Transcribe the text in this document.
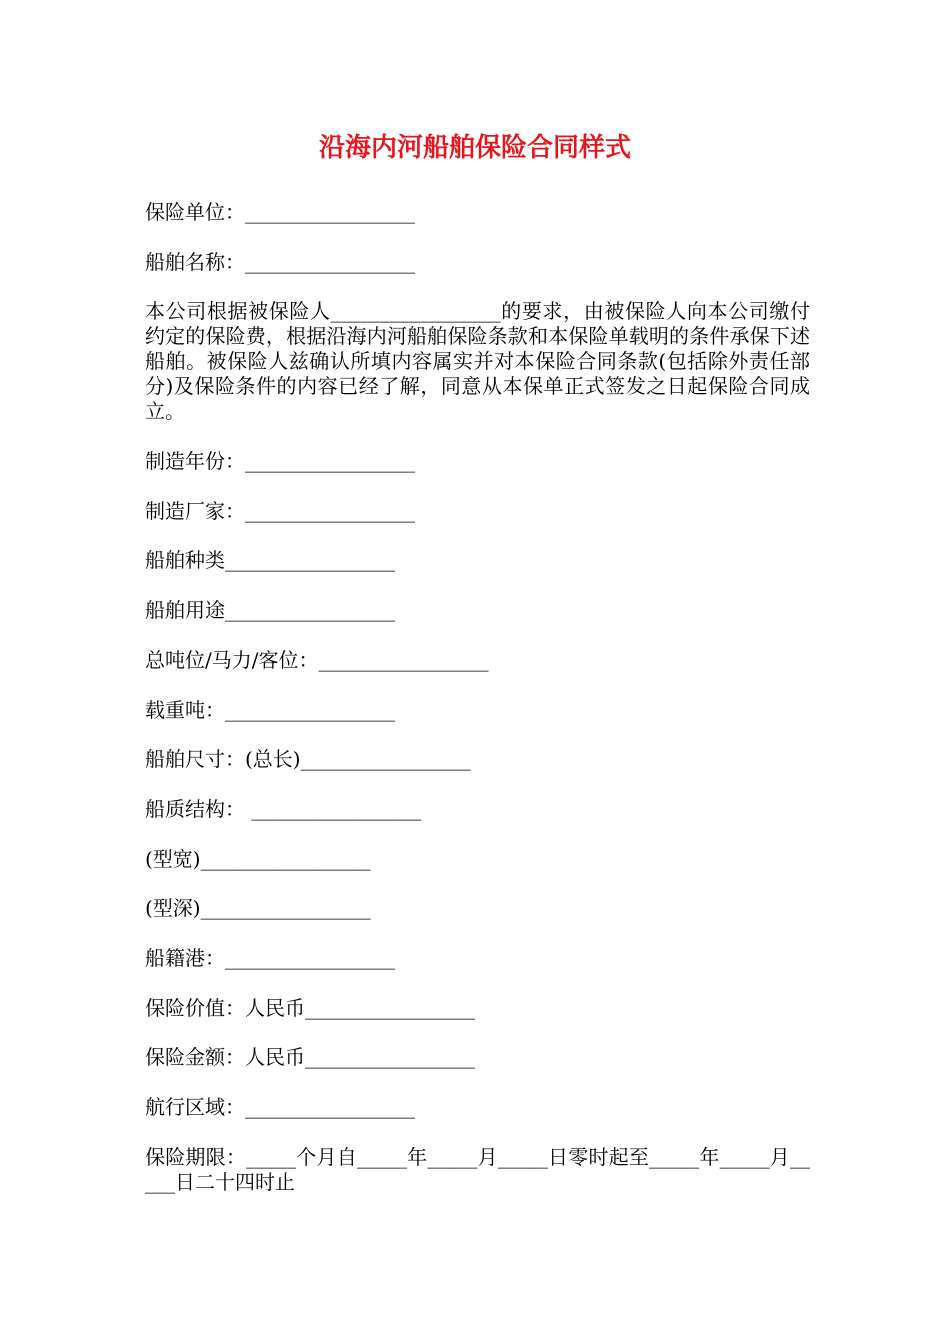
沿海内河船舶保险合同样式
保险单位：_________________
船舶名称：_________________
本公司根据被保险人_________________的要求，由被保险人向本公司缴付约定的保险费，根据沿海内河船舶保险条款和本保险单载明的条件承保下述船舶。被保险人兹确认所填内容属实并对本保险合同条款(包括除外责任部分)及保险条件的内容已经了解，同意从本保单正式签发之日起保险合同成立。
制造年份：_________________
制造厂家：_________________
船舶种类_________________
船舶用途_________________
总吨位/马力/客位：_________________
载重吨：_________________
船舶尺寸：(总长)_________________
船质结构： _________________
(型宽)_________________
(型深)_________________
船籍港：_________________
保险价值：人民币_________________
保险金额：人民币_________________
航行区域：_________________
保险期限：_____个月自_____年_____月_____日零时起至_____年_____月_____日二十四时止
